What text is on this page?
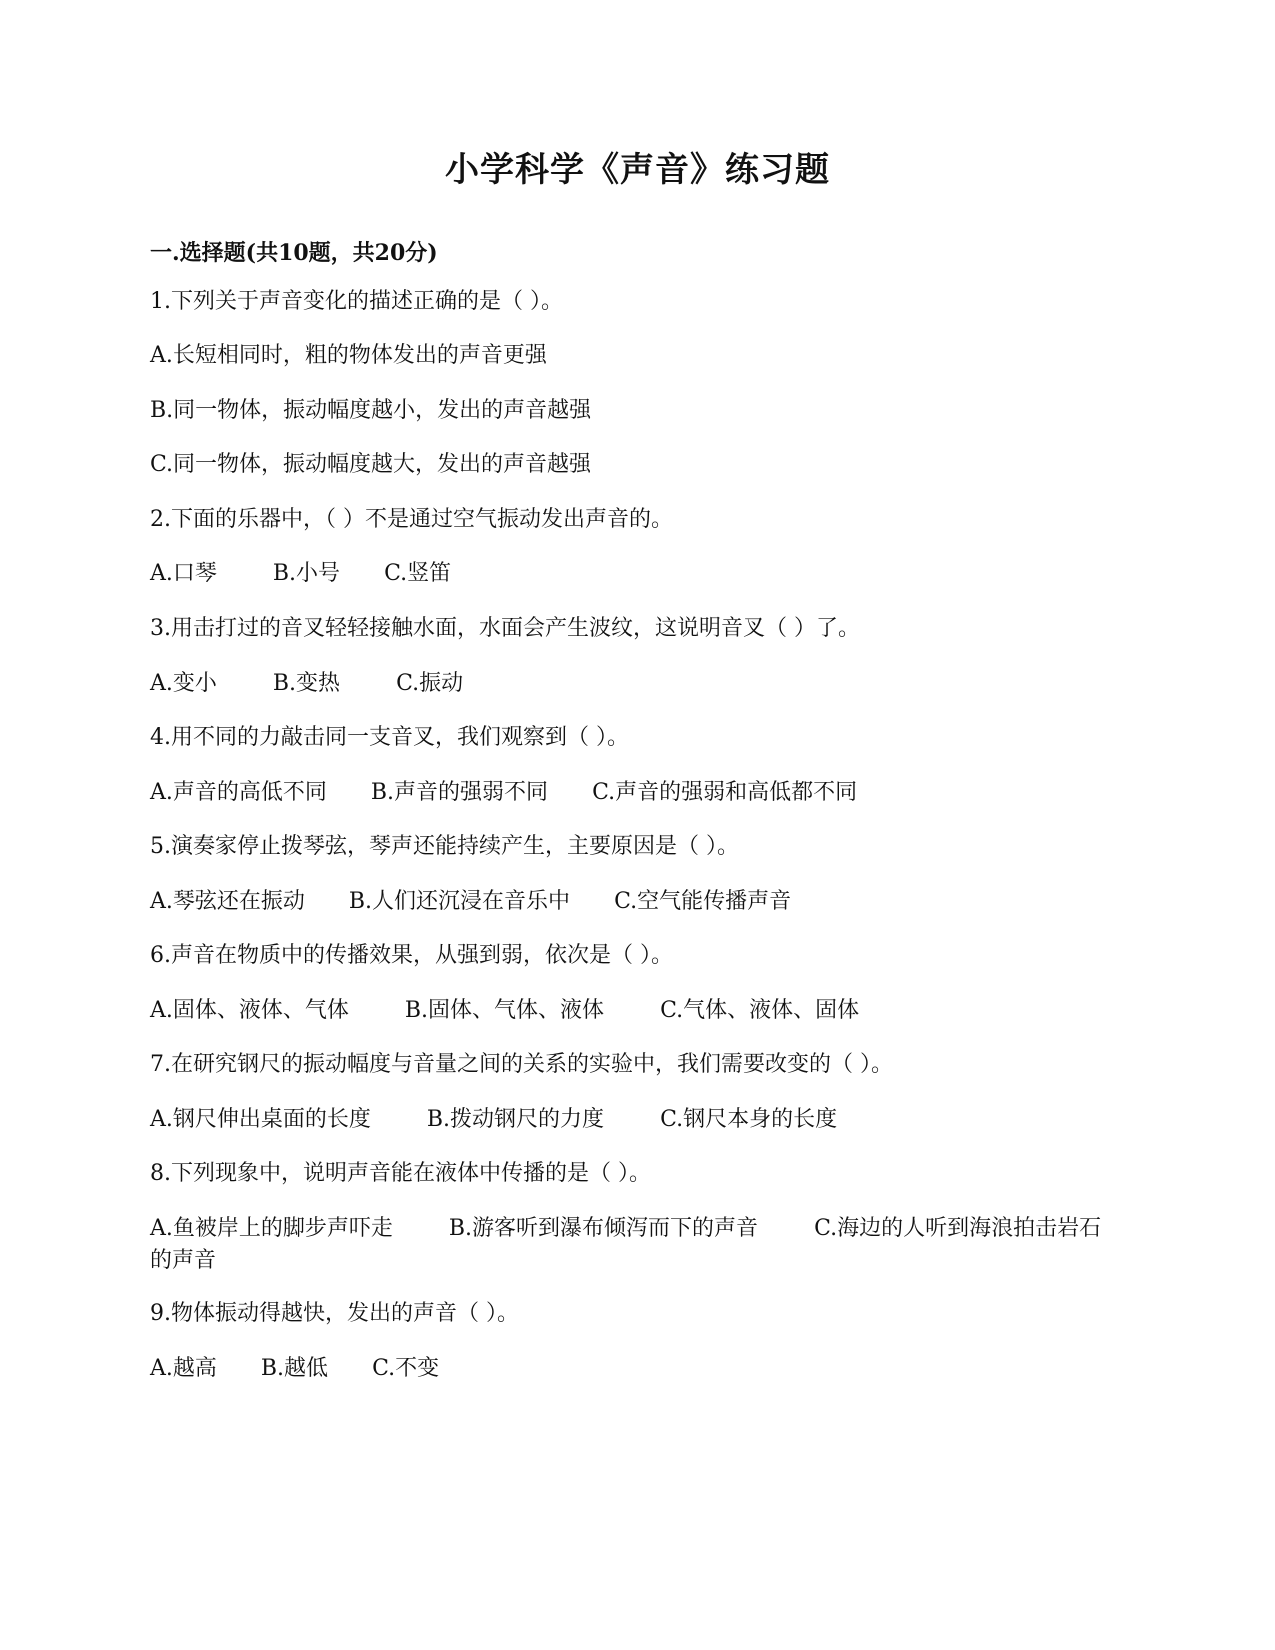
小学科学《声音》练习题
一.选择题(共10题，共20分)
1.下列关于声音变化的描述正确的是（ ）。
A.长短相同时，粗的物体发出的声音更强
B.同一物体，振动幅度越小，发出的声音越强
C.同一物体，振动幅度越大，发出的声音越强
2.下面的乐器中，（ ）不是通过空气振动发出声音的。
A.口琴	B.小号 C.竖笛
3.用击打过的音叉轻轻接触水面，水面会产生波纹，这说明音叉（ ）了。
A.变小	B.变热	C.振动
4.用不同的力敲击同一支音叉，我们观察到（ ）。
A.声音的高低不同 B.声音的强弱不同 C.声音的强弱和高低都不同
5.演奏家停止拨琴弦，琴声还能持续产生，主要原因是（ ）。
A.琴弦还在振动 B.人们还沉浸在音乐中 C.空气能传播声音
6.声音在物质中的传播效果，从强到弱，依次是（ ）。
A.固体、液体、气体	B.固体、气体、液体	C.气体、液体、固体
7.在研究钢尺的振动幅度与音量之间的关系的实验中，我们需要改变的（ ）。
A.钢尺伸出桌面的长度	B.拨动钢尺的力度	C.钢尺本身的长度
8.下列现象中，说明声音能在液体中传播的是（ ）。
A.鱼被岸上的脚步声吓走	B.游客听到瀑布倾泻而下的声音	C.海边的人听到海浪拍击岩石的声音
9.物体振动得越快，发出的声音（ ）。
A.越高 B.越低 C.不变
